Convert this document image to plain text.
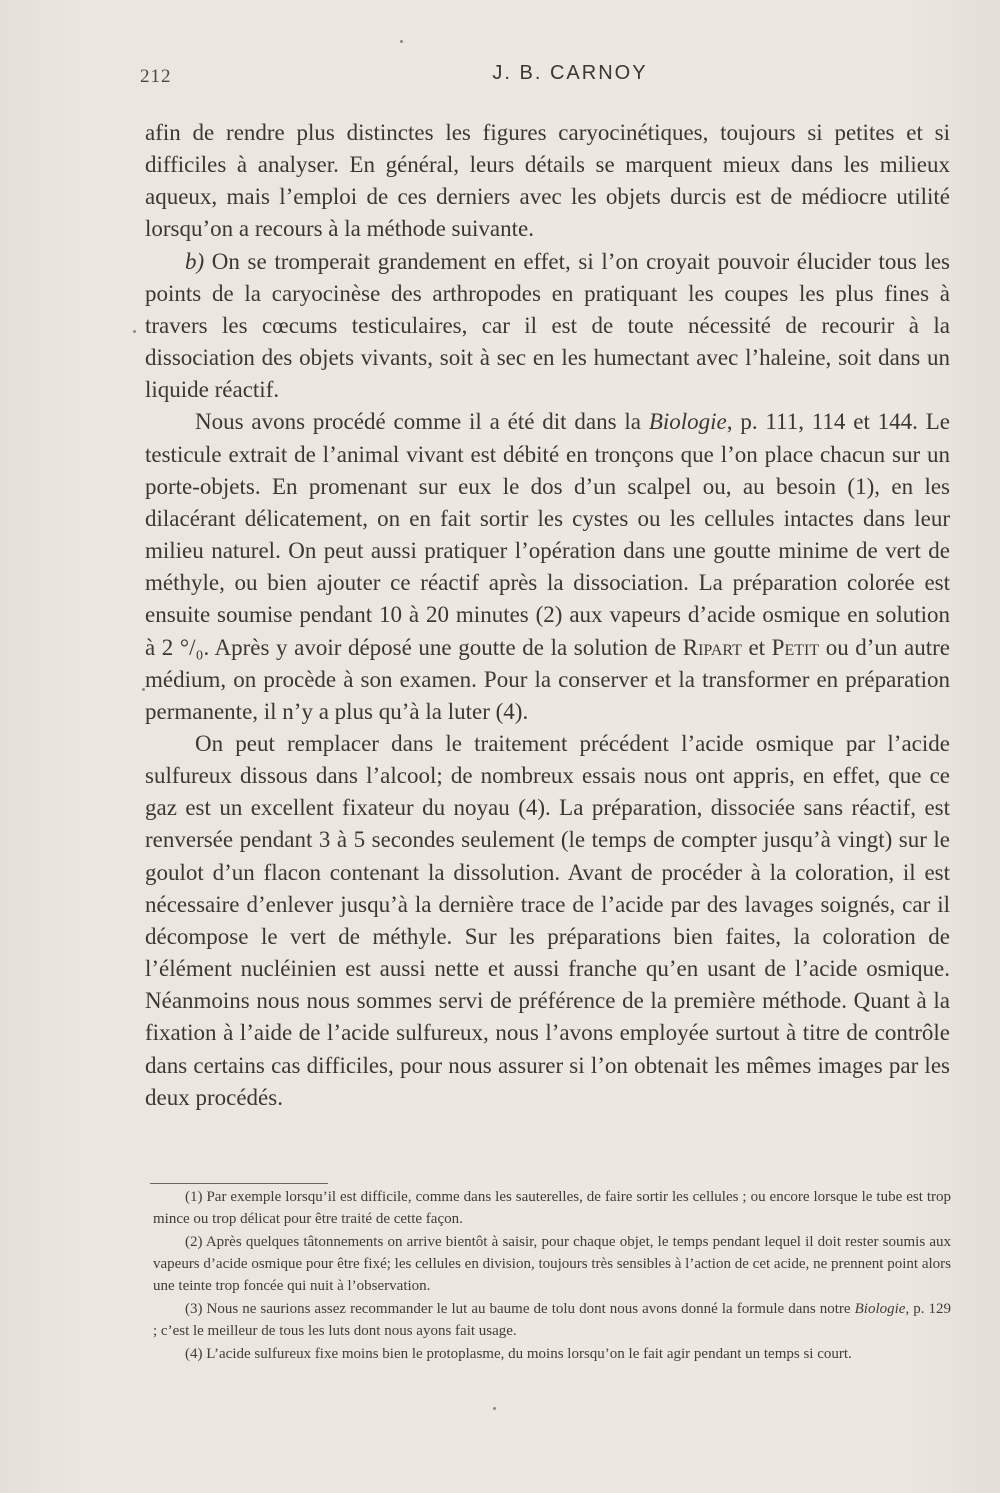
212	J. B. CARNOY

afin de rendre plus distinctes les figures caryocinétiques, toujours si petites et si difficiles à analyser. En général, leurs détails se marquent mieux dans les milieux aqueux, mais l’emploi de ces derniers avec les objets durcis est de médiocre utilité lorsqu’on a recours à la méthode suivante.

b) On se tromperait grandement en effet, si l’on croyait pouvoir élucider tous les points de la caryocinèse des arthropodes en pratiquant les coupes les plus fines à travers les cœcums testiculaires, car il est de toute nécessité de recourir à la dissociation des objets vivants, soit à sec en les humectant avec l’haleine, soit dans un liquide réactif.

Nous avons procédé comme il a été dit dans la Biologie, p. 111, 114 et 144. Le testicule extrait de l’animal vivant est débité en tronçons que l’on place chacun sur un porte-objets. En promenant sur eux le dos d’un scalpel ou, au besoin (1), en les dilacérant délicatement, on en fait sortir les cystes ou les cellules intactes dans leur milieu naturel. On peut aussi pratiquer l’opération dans une goutte minime de vert de méthyle, ou bien ajouter ce réactif après la dissociation. La préparation colorée est ensuite soumise pendant 10 à 20 minutes (2) aux vapeurs d’acide osmique en solution à 2 °/₀. Après y avoir déposé une goutte de la solution de Ripart et Petit ou d’un autre médium, on procède à son examen. Pour la conserver et la transformer en préparation permanente, il n’y a plus qu’à la luter (4).

On peut remplacer dans le traitement précédent l’acide osmique par l’acide sulfureux dissous dans l’alcool; de nombreux essais nous ont appris, en effet, que ce gaz est un excellent fixateur du noyau (4). La préparation, dissociée sans réactif, est renversée pendant 3 à 5 secondes seulement (le temps de compter jusqu’à vingt) sur le goulot d’un flacon contenant la dissolution. Avant de procéder à la coloration, il est nécessaire d’enlever jusqu’à la dernière trace de l’acide par des lavages soignés, car il décompose le vert de méthyle. Sur les préparations bien faites, la coloration de l’élément nucléinien est aussi nette et aussi franche qu’en usant de l’acide osmique. Néanmoins nous nous sommes servi de préférence de la première méthode. Quant à la fixation à l’aide de l’acide sulfureux, nous l’avons employée surtout à titre de contrôle dans certains cas difficiles, pour nous assurer si l’on obtenait les mêmes images par les deux procédés.

(1) Par exemple lorsqu’il est difficile, comme dans les sauterelles, de faire sortir les cellules ; ou encore lorsque le tube est trop mince ou trop délicat pour être traité de cette façon.

(2) Après quelques tâtonnements on arrive bientôt à saisir, pour chaque objet, le temps pendant lequel il doit rester soumis aux vapeurs d’acide osmique pour être fixé; les cellules en division, toujours très sensibles à l’action de cet acide, ne prennent point alors une teinte trop foncée qui nuit à l’observation.

(3) Nous ne saurions assez recommander le lut au baume de tolu dont nous avons donné la formule dans notre Biologie, p. 129 ; c’est le meilleur de tous les luts dont nous ayons fait usage.

(4) L’acide sulfureux fixe moins bien le protoplasme, du moins lorsqu’on le fait agir pendant un temps si court.
